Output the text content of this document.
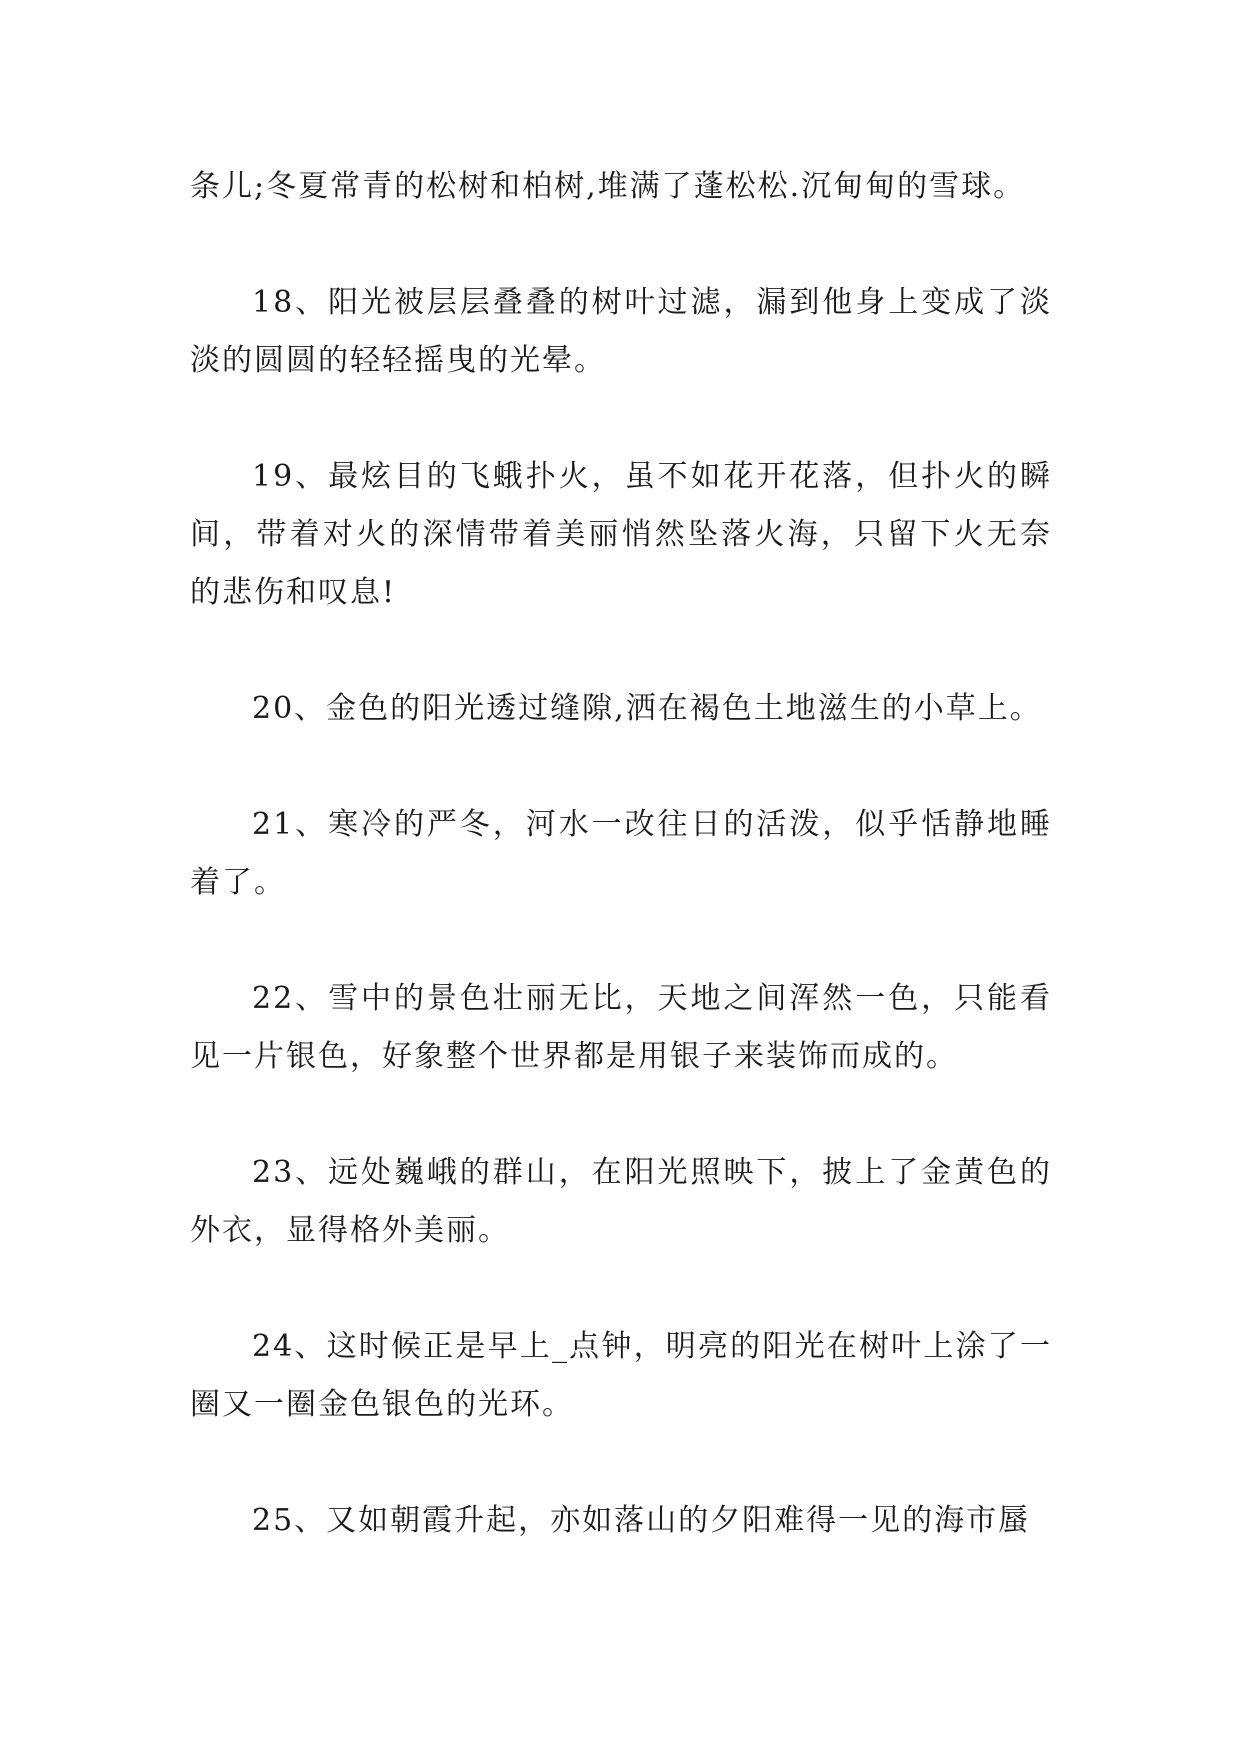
条儿;冬夏常青的松树和柏树,堆满了蓬松松.沉甸甸的雪球。

18、阳光被层层叠叠的树叶过滤，漏到他身上变成了淡淡的圆圆的轻轻摇曳的光晕。

19、最炫目的飞蛾扑火，虽不如花开花落，但扑火的瞬间，带着对火的深情带着美丽悄然坠落火海，只留下火无奈的悲伤和叹息!

20、金色的阳光透过缝隙,洒在褐色土地滋生的小草上。

21、寒冷的严冬，河水一改往日的活泼，似乎恬静地睡着了。

22、雪中的景色壮丽无比，天地之间浑然一色，只能看见一片银色，好象整个世界都是用银子来装饰而成的。

23、远处巍峨的群山，在阳光照映下，披上了金黄色的外衣，显得格外美丽。

24、这时候正是早上_点钟，明亮的阳光在树叶上涂了一圈又一圈金色银色的光环。

25、又如朝霞升起，亦如落山的夕阳难得一见的海市蜃
